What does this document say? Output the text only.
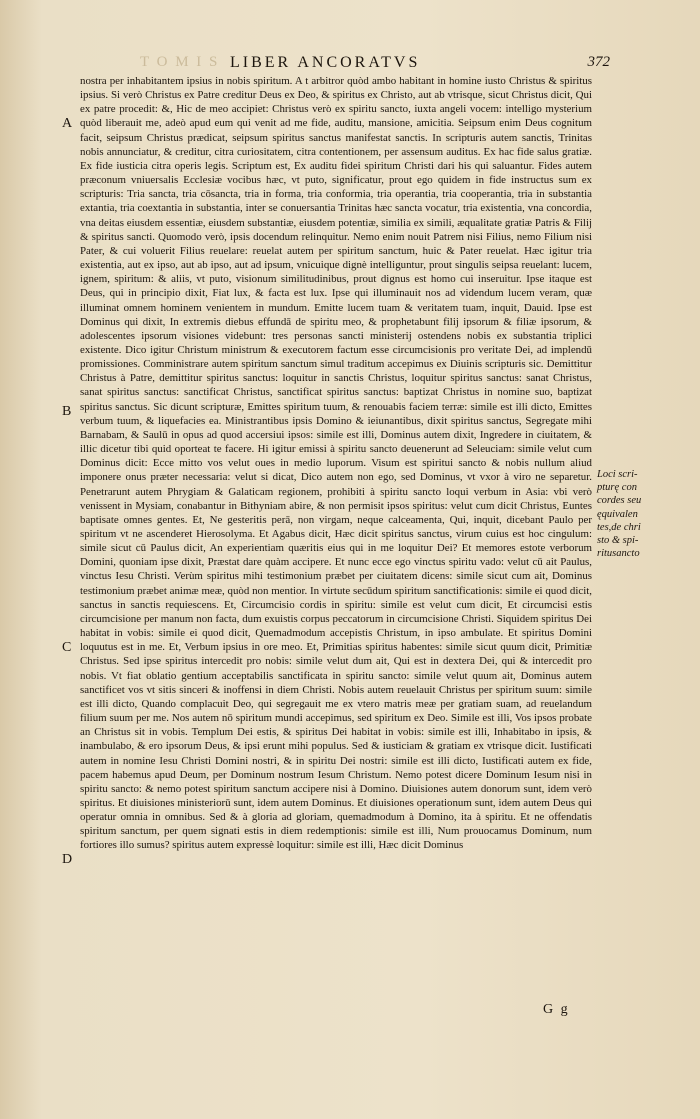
T O M I S LIBER ANCORATVS	372
A
B
C
D
Loci scri-
pturę con
cordes seu
ęquivalen
tes,de chri
sto & spi-
ritusancto

nostra per inhabitantem ipsius in nobis spiritum. A t arbitror quòd ambo habitant in homine iusto Christus & spiritus ipsius. Si verò Christus ex Patre creditur Deus ex Deo, & spiritus ex Christo, aut ab vtrisque, sicut Christus dicit, Qui ex patre procedit: &, Hic de meo accipiet: Christus verò ex spiritu sancto, iuxta angeli vocem: intelligo mysterium quòd liberauit me, adeò apud eum qui venit ad me fide, auditu, mansione, amicitia. Seipsum enim Deus cognitum facit, seipsum Christus prædicat, seipsum spiritus sanctus manifestat sanctis. In scripturis autem sanctis, Trinitas nobis annunciatur, & creditur, citra curiositatem, citra contentionem, per assensum auditus. Ex hac fide salus gratiæ. Ex fide iusticia citra operis legis. Scriptum est, Ex auditu fidei spiritum Christi dari his qui saluantur. Fides autem præconum vniuersalis Ecclesiæ vocibus hæc, vt puto, significatur, prout ego quidem in fide instructus sum ex scripturis: Tria sancta, tria cōsancta, tria in forma, tria conformia, tria operantia, tria cooperantia, tria in substantia extantia, tria coextantia in substantia, inter se conuersantia Trinitas hæc sancta vocatur, tria existentia, vna concordia, vna deitas eiusdem essentiæ, eiusdem substantiæ, eiusdem potentiæ, similia ex simili, æqualitate gratiæ Patris & Filij & spiritus sancti. Quomodo verò, ipsis docendum relinquitur. Nemo enim nouit Patrem nisi Filius, nemo Filium nisi Pater, & cui voluerit Filius reuelare: reuelat autem per spiritum sanctum, huic & Pater reuelat. Hæc igitur tria existentia, aut ex ipso, aut ab ipso, aut ad ipsum, vnicuique dignè intelliguntur, prout singulis seipsa reuelant: lucem, ignem, spiritum: & aliis, vt puto, visionum similitudinibus, prout dignus est homo cui inseruitur. Ipse itaque est Deus, qui in principio dixit, Fiat lux, & facta est lux. Ipse qui illuminauit nos ad videndum lucem veram, quæ illuminat omnem hominem venientem in mundum. Emitte lucem tuam & veritatem tuam, inquit, Dauid. Ipse est Dominus qui dixit, In extremis diebus effundā de spiritu meo, & prophetabunt filij ipsorum & filiæ ipsorum, & adolescentes ipsorum visiones videbunt: tres personas sancti ministerij ostendens nobis ex substantia triplici existente. Dico igitur Christum ministrum & executorem factum esse circumcisionis pro veritate Dei, ad implendū promissiones. Comministrare autem spiritum sanctum simul traditum accepimus ex Diuinis scripturis sic. Demittitur Christus à Patre, demittitur spiritus sanctus: loquitur in sanctis Christus, loquitur spiritus sanctus: sanat Christus, sanat spiritus sanctus: sanctificat Christus, sanctificat spiritus sanctus: baptizat Christus in nomine suo, baptizat spiritus sanctus. Sic dicunt scripturæ, Emittes spiritum tuum, & renouabis faciem terræ: simile est illi dicto, Emittes verbum tuum, & liquefacies ea. Ministrantibus ipsis Domino & ieiunantibus, dixit spiritus sanctus, Segregate mihi Barnabam, & Saulū in opus ad quod accersiui ipsos: simile est illi, Dominus autem dixit, Ingredere in ciuitatem, & illic dicetur tibi quid oporteat te facere. Hi igitur emissi à spiritu sancto deuenerunt ad Seleuciam: simile velut cum Dominus dicit: Ecce mitto vos velut oues in medio luporum. Visum est spiritui sancto & nobis nullum aliud imponere onus præter necessaria: velut si dicat, Dico autem non ego, sed Dominus, vt vxor à viro ne separetur. Penetrarunt autem Phrygiam & Galaticam regionem, prohibiti à spiritu sancto loqui verbum in Asia: vbi verò venissent in Mysiam, conabantur in Bithyniam abire, & non permisit ipsos spiritus: velut cum dicit Christus, Euntes baptisate omnes gentes. Et, Ne gesteritis perā, non virgam, neque calceamenta, Qui, inquit, dicebant Paulo per spiritum vt ne ascenderet Hierosolyma. Et Agabus dicit, Hæc dicit spiritus sanctus, virum cuius est hoc cingulum: simile sicut cū Paulus dicit, An experientiam quæritis eius qui in me loquitur Dei? Et memores estote verborum Domini, quoniam ipse dixit, Præstat dare quàm accipere. Et nunc ecce ego vinctus spiritu vado: velut cū ait Paulus, vinctus Iesu Christi. Verùm spiritus mihi testimonium præbet per ciuitatem dicens: simile sicut cum ait, Dominus testimonium præbet animæ meæ, quòd non mentior. In virtute secūdum spiritum sanctificationis: simile ei quod dicit, sanctus in sanctis requiescens. Et, Circumcisio cordis in spiritu: simile est velut cum dicit, Et circumcisi estis circumcisione per manum non facta, dum exuistis corpus peccatorum in circumcisione Christi. Siquidem spiritus Dei habitat in vobis: simile ei quod dicit, Quemadmodum accepistis Christum, in ipso ambulate. Et spiritus Domini loquutus est in me. Et, Verbum ipsius in ore meo. Et, Primitias spiritus habentes: simile sicut quum dicit, Primitiæ Christus. Sed ipse spiritus intercedit pro nobis: simile velut dum ait, Qui est in dextera Dei, qui & intercedit pro nobis. Vt fiat oblatio gentium acceptabilis sanctificata in spiritu sancto: simile velut quum ait, Dominus autem sanctificet vos vt sitis sinceri & inoffensi in diem Christi. Nobis autem reuelauit Christus per spiritum suum: simile est illi dicto, Quando complacuit Deo, qui segregauit me ex vtero matris meæ per gratiam suam, ad reuelandum filium suum per me. Nos autem nō spiritum mundi accepimus, sed spiritum ex Deo. Simile est illi, Vos ipsos probate an Christus sit in vobis. Templum Dei estis, & spiritus Dei habitat in vobis: simile est illi, Inhabitabo in ipsis, & inambulabo, & ero ipsorum Deus, & ipsi erunt mihi populus. Sed & iusticiam & gratiam ex vtrisque dicit. Iustificati autem in nomine Iesu Christi Domini nostri, & in spiritu Dei nostri: simile est illi dicto, Iustificati autem ex fide, pacem habemus apud Deum, per Dominum nostrum Iesum Christum. Nemo potest dicere Dominum Iesum nisi in spiritu sancto: & nemo potest spiritum sanctum accipere nisi à Domino. Diuisiones autem donorum sunt, idem verò spiritus. Et diuisiones ministeriorū sunt, idem autem Dominus. Et diuisiones operationum sunt, idem autem Deus qui operatur omnia in omnibus. Sed & à gloria ad gloriam, quemadmodum à Domino, ita à spiritu. Et ne offendatis spiritum sanctum, per quem signati estis in diem redemptionis: simile est illi, Num prouocamus Dominum, num fortiores illo sumus? spiritus autem expressè loquitur: simile est illi, Hæc dicit Dominus

G g
